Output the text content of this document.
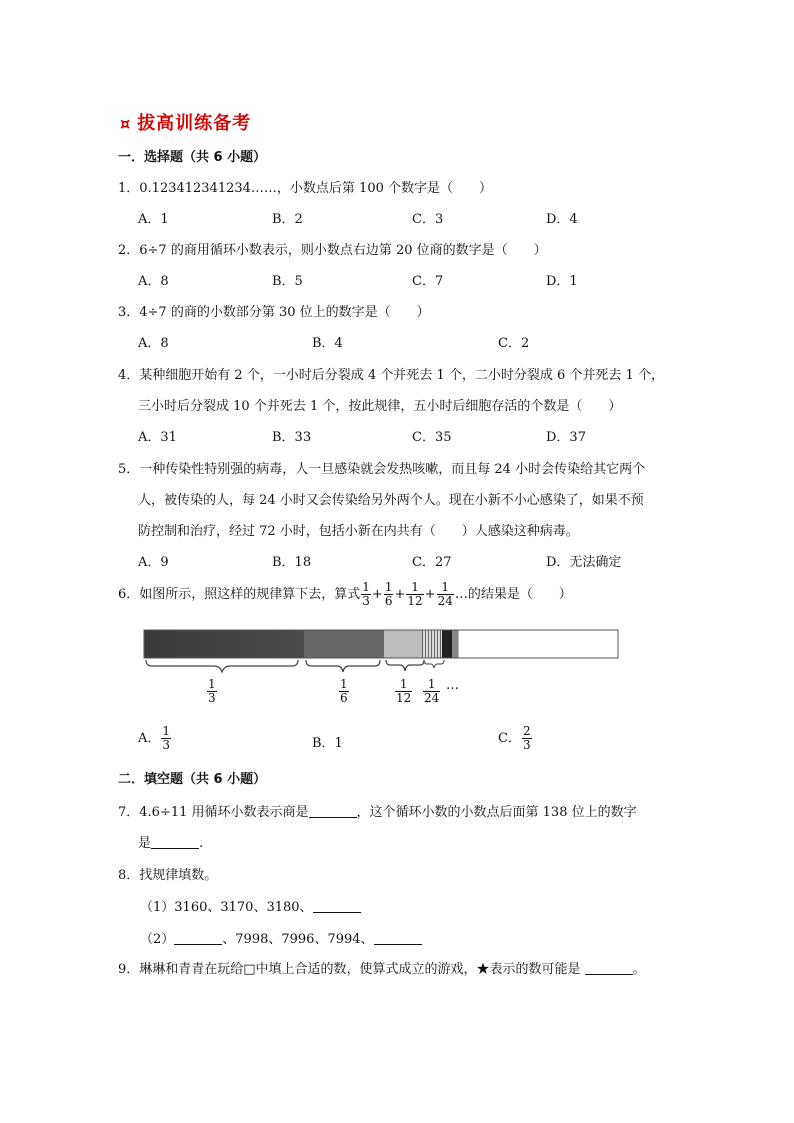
¤ 拔高训练备考
一．选择题（共 6 小题）
1．0.123412341234……，小数点后第 100 个数字是（　　）
A．1	B．2	C．3	D．4
2．6÷7 的商用循环小数表示，则小数点右边第 20 位商的数字是（　　）
A．8	B．5	C．7	D．1
3．4÷7 的商的小数部分第 30 位上的数字是（　　）
A．8	B．4	C．2
4．某种细胞开始有 2 个，一小时后分裂成 4 个并死去 1 个，二小时分裂成 6 个并死去 1 个，
三小时后分裂成 10 个并死去 1 个，按此规律，五小时后细胞存活的个数是（　　）
A．31	B．33	C．35	D．37
5．一种传染性特别强的病毒，人一旦感染就会发热咳嗽，而且每 24 小时会传染给其它两个
人，被传染的人，每 24 小时又会传染给另外两个人。现在小新不小心感染了，如果不预
防控制和治疗，经过 72 小时，包括小新在内共有（　　）人感染这种病毒。
A．9	B．18	C．27	D．无法确定
6．如图所示，照这样的规律算下去，算式 $\frac{1}{3} + \frac{1}{6} + \frac{1}{12} + \frac{1}{24}$ …的结果是（　　）
$\frac{1}{3}$	$\frac{1}{6}$	$\frac{1}{12} \frac{1}{24}$ …
A． $\frac{1}{3}$	B．1	C． $\frac{2}{3}$
二．填空题（共 6 小题）
7．4.6÷11 用循环小数表示商是	，这个循环小数的小数点后面第 138 位上的数字
是	.
8．找规律填数。
（1）3160、3170、3180、
（2）	、7998、7996、7994、
9．琳琳和青青在玩给□中填上合适的数，使算式成立的游戏，★表示的数可能是	。
